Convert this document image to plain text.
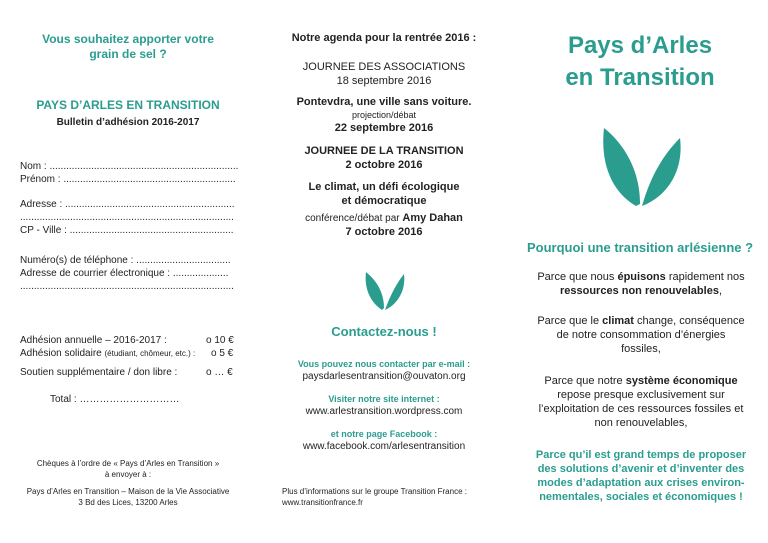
Vous souhaitez apporter votre
grain de sel ?
PAYS D’ARLES EN TRANSITION
Bulletin d’adhésion 2016-2017
Nom : ....................................................................
Prénom : ..............................................................
Adresse : .............................................................
.............................................................................
CP - Ville : ...........................................................
Numéro(s) de téléphone : ..................................
Adresse de courrier électronique : ....................
.............................................................................
Adhésion annuelle – 2016-2017 :	o 10 €
Adhésion solidaire (étudiant, chômeur, etc.) : o 5 €
Soutien supplémentaire / don libre :	o … €
Total : …………………………
Chèques à l’ordre de « Pays d’Arles en Transition »
à envoyer à :
Pays d’Arles en Transition – Maison de la Vie Associative
3 Bd des Lices, 13200 Arles
Notre agenda pour la rentrée 2016 :
JOURNEE DES ASSOCIATIONS
18 septembre 2016
Pontevdra, une ville sans voiture.
projection/débat
22 septembre 2016
JOURNEE DE LA TRANSITION
2 octobre 2016
Le climat, un défi écologique
et démocratique
conférence/débat par Amy Dahan
7 octobre 2016
Contactez-nous !
Vous pouvez nous contacter par e-mail :
paysdarlesentransition@ouvaton.org
Visiter notre site internet :
www.arlestransition.wordpress.com
et notre page Facebook :
www.facebook.com/arlesentransition
Plus d’informations sur le groupe Transition France :
www.transitionfrance.fr
Pays d’Arles
en Transition
Pourquoi une transition arlésienne ?
Parce que nous épuisons rapidement nos
ressources non renouvelables,
Parce que le climat change, conséquence
de notre consommation d’énergies
fossiles,
Parce que notre système économique
repose presque exclusivement sur
l’exploitation de ces ressources fossiles et
non renouvelables,
Parce qu’il est grand temps de proposer
des solutions d’avenir et d’inventer des
modes d’adaptation aux crises environ-
nementales, sociales et économiques !
